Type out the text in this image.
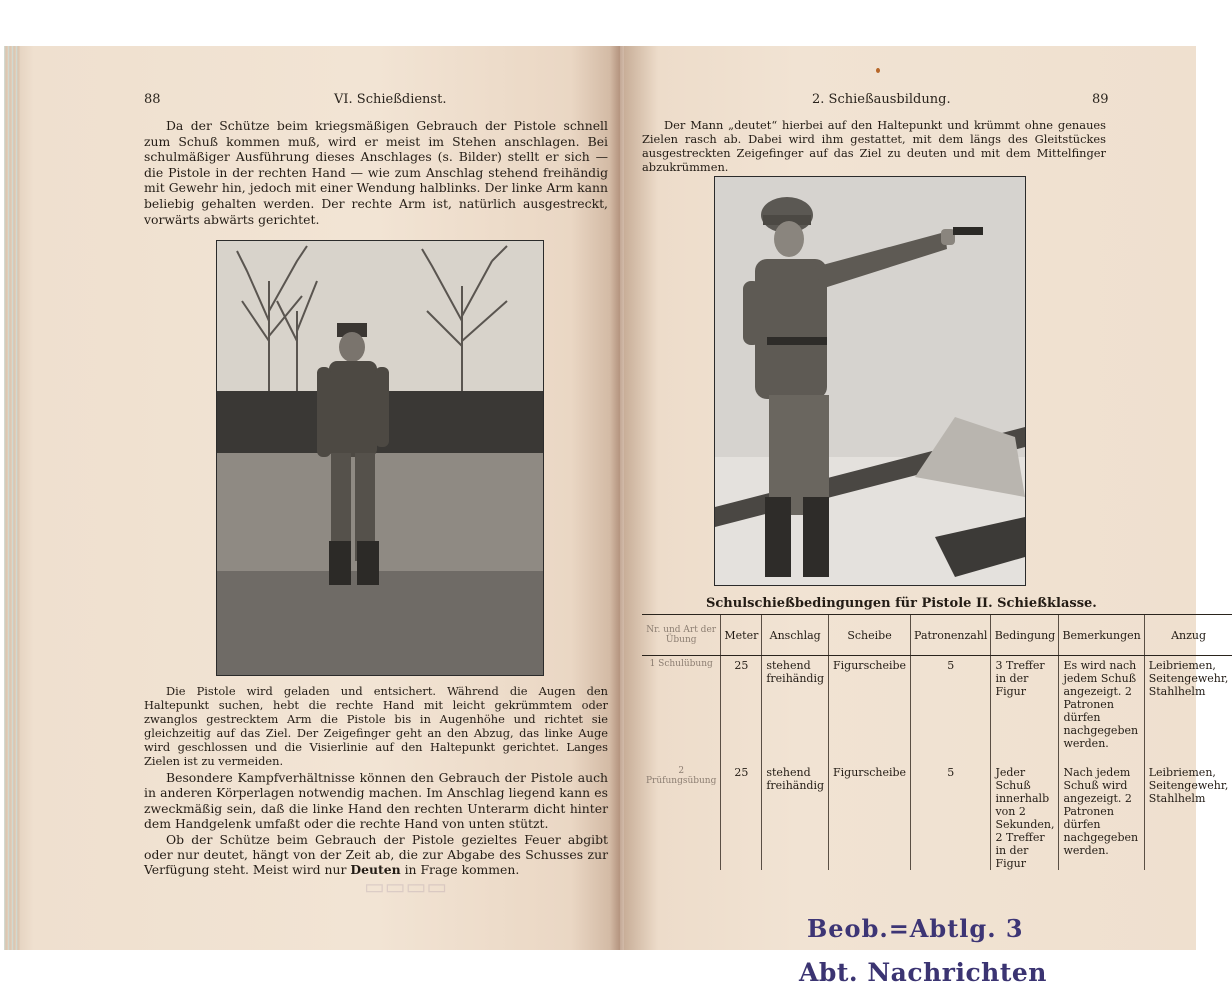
88	VI. Schießdienst.

Da der Schütze beim kriegsmäßigen Gebrauch der Pistole schnell zum Schuß kommen muß, wird er meist im Stehen anschlagen. Bei schulmäßiger Ausführung dieses Anschlages (s. Bilder) stellt er sich — die Pistole in der rechten Hand — wie zum Anschlag stehend freihändig mit Gewehr hin, jedoch mit einer Wendung halblinks. Der linke Arm kann beliebig gehalten werden. Der rechte Arm ist, natürlich ausgestreckt, vorwärts abwärts gerichtet.

Die Pistole wird geladen und entsichert. Während die Augen den Haltepunkt suchen, hebt die rechte Hand mit leicht gekrümmtem oder zwanglos gestrecktem Arm die Pistole bis in Augenhöhe und richtet sie gleichzeitig auf das Ziel. Der Zeigefinger geht an den Abzug, das linke Auge wird geschlossen und die Visierlinie auf den Haltepunkt gerichtet. Langes Zielen ist zu vermeiden.

Besondere Kampfverhältnisse können den Gebrauch der Pistole auch in anderen Körperlagen notwendig machen. Im Anschlag liegend kann es zweckmäßig sein, daß die linke Hand den rechten Unterarm dicht hinter dem Handgelenk umfaßt oder die rechte Hand von unten stützt.

Ob der Schütze beim Gebrauch der Pistole gezieltes Feuer abgibt oder nur deutet, hängt von der Zeit ab, die zur Abgabe des Schusses zur Verfügung steht. Meist wird nur Deuten in Frage kommen.

▭▭▭▭
2. Schießausbildung.	89

Der Mann „deutet“ hierbei auf den Haltepunkt und krümmt ohne genaues Zielen rasch ab. Dabei wird ihm gestattet, mit dem längs des Gleitstückes ausgestreckten Zeigefinger auf das Ziel zu deuten und mit dem Mittelfinger abzukrümmen.

Schulschießbedingungen für Pistole II. Schießklasse.
Nr. und Art der Übung	Meter	Anschlag	Scheibe	Patronenzahl	Bedingung	Bemerkungen	Anzug
1 Schulübung	25	stehend freihändig	Figurscheibe	5	3 Treffer in der Figur	Es wird nach jedem Schuß angezeigt. 2 Patronen dürfen nachgegeben werden.	Leibriemen, Seitengewehr, Stahlhelm
2 Prüfungsübung	25	stehend freihändig	Figurscheibe	5	Jeder Schuß innerhalb von 2 Sekunden, 2 Treffer in der Figur	Nach jedem Schuß wird angezeigt. 2 Patronen dürfen nachgegeben werden.	Leibriemen, Seitengewehr, Stahlhelm
Beob.=Abtlg. 3
Abt. Nachrichten
